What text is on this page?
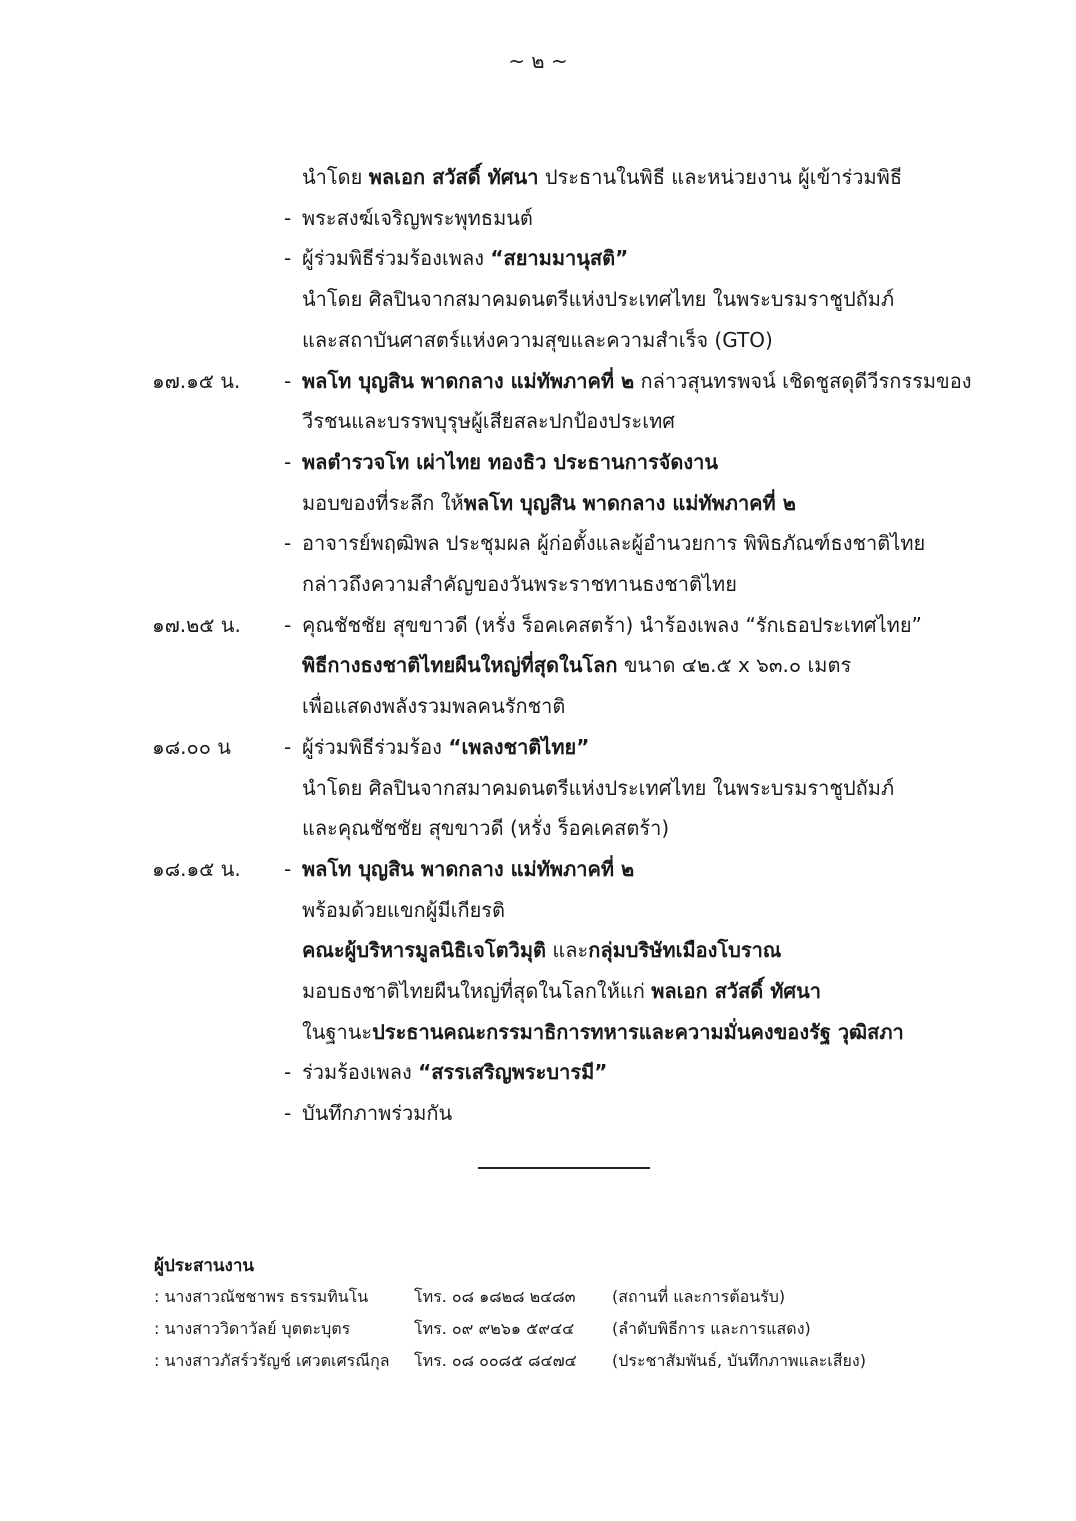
~ ๒ ~
นำโดย พลเอก สวัสดิ์ ทัศนา ประธานในพิธี และหน่วยงาน ผู้เข้าร่วมพิธี
- พระสงฆ์เจริญพระพุทธมนต์
- ผู้ร่วมพิธีร่วมร้องเพลง “สยามมานุสติ”
นำโดย ศิลปินจากสมาคมดนตรีแห่งประเทศไทย ในพระบรมราชูปถัมภ์
และสถาบันศาสตร์แห่งความสุขและความสำเร็จ (GTO)
๑๗.๑๕ น. - พลโท บุญสิน พาดกลาง แม่ทัพภาคที่ ๒ กล่าวสุนทรพจน์ เชิดชูสดุดีวีรกรรมของ
วีรชนและบรรพบุรุษผู้เสียสละปกป้องประเทศ
- พลตำรวจโท เผ่าไทย ทองธิว ประธานการจัดงาน
มอบของที่ระลึก ให้พลโท บุญสิน พาดกลาง แม่ทัพภาคที่ ๒
- อาจารย์พฤฒิพล ประชุมผล ผู้ก่อตั้งและผู้อำนวยการ พิพิธภัณฑ์ธงชาติไทย
กล่าวถึงความสำคัญของวันพระราชทานธงชาติไทย
๑๗.๒๕ น. - คุณชัชชัย สุขขาวดี (หรั่ง ร็อคเคสตร้า) นำร้องเพลง “รักเธอประเทศไทย”
พิธีกางธงชาติไทยผืนใหญ่ที่สุดในโลก ขนาด ๔๒.๕ x ๖๓.๐ เมตร
เพื่อแสดงพลังรวมพลคนรักชาติ
๑๘.๐๐ น	- ผู้ร่วมพิธีร่วมร้อง “เพลงชาติไทย”
นำโดย ศิลปินจากสมาคมดนตรีแห่งประเทศไทย ในพระบรมราชูปถัมภ์
และคุณชัชชัย สุขขาวดี (หรั่ง ร็อคเคสตร้า)
๑๘.๑๕ น. - พลโท บุญสิน พาดกลาง แม่ทัพภาคที่ ๒
พร้อมด้วยแขกผู้มีเกียรติ
คณะผู้บริหารมูลนิธิเจโตวิมุติ และกลุ่มบริษัทเมืองโบราณ
มอบธงชาติไทยผืนใหญ่ที่สุดในโลกให้แก่ พลเอก สวัสดิ์ ทัศนา
ในฐานะประธานคณะกรรมาธิการทหารและความมั่นคงของรัฐ วุฒิสภา
- ร่วมร้องเพลง “สรรเสริญพระบารมี”
- บันทึกภาพร่วมกัน
ผู้ประสานงาน
: นางสาวณัชชาพร ธรรมทินโน	โทร. ๐๘ ๑๘๒๘ ๒๔๘๓ (สถานที่ และการต้อนรับ)
: นางสาววิดาวัลย์ บุตตะบุตร	โทร. ๐๙ ๙๒๖๑ ๕๙๔๔ (ลำดับพิธีการ และการแสดง)
: นางสาวภัสร์วรัญช์ เศวตเศรณีกุล โทร. ๐๘ ๐๐๘๕ ๘๔๗๔ (ประชาสัมพันธ์, บันทึกภาพและเสียง)
